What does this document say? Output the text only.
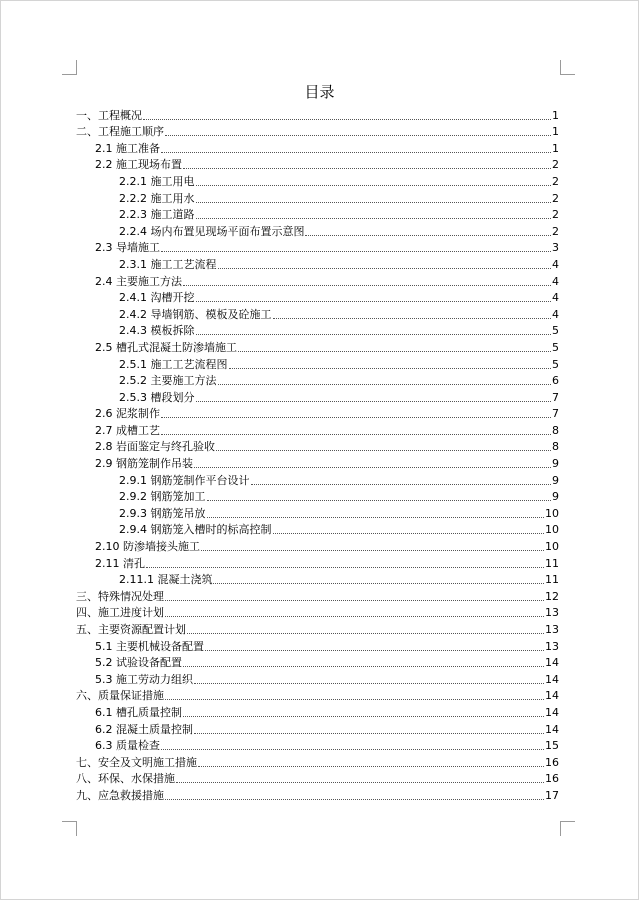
目录
一、工程概况	1
二、工程施工顺序	1
2.1 施工准备	1
2.2 施工现场布置	2
2.2.1 施工用电	2
2.2.2 施工用水	2
2.2.3 施工道路	2
2.2.4 场内布置见现场平面布置示意图	2
2.3 导墙施工	3
2.3.1 施工工艺流程	4
2.4 主要施工方法	4
2.4.1 沟槽开挖	4
2.4.2 导墙钢筋、模板及砼施工	4
2.4.3 模板拆除	5
2.5 槽孔式混凝土防渗墙施工	5
2.5.1 施工工艺流程图	5
2.5.2 主要施工方法	6
2.5.3 槽段划分	7
2.6 泥浆制作	7
2.7 成槽工艺	8
2.8 岩面鉴定与终孔验收	8
2.9 钢筋笼制作吊装	9
2.9.1 钢筋笼制作平台设计	9
2.9.2 钢筋笼加工	9
2.9.3 钢筋笼吊放	10
2.9.4 钢筋笼入槽时的标高控制	10
2.10 防渗墙接头施工	10
2.11 清孔	11
2.11.1 混凝土浇筑	11
三、特殊情况处理	12
四、施工进度计划	13
五、主要资源配置计划	13
5.1 主要机械设备配置	13
5.2 试验设备配置	14
5.3 施工劳动力组织	14
六、质量保证措施	14
6.1 槽孔质量控制	14
6.2 混凝土质量控制	14
6.3 质量检查	15
七、安全及文明施工措施	16
八、环保、水保措施	16
九、应急救援措施	17
